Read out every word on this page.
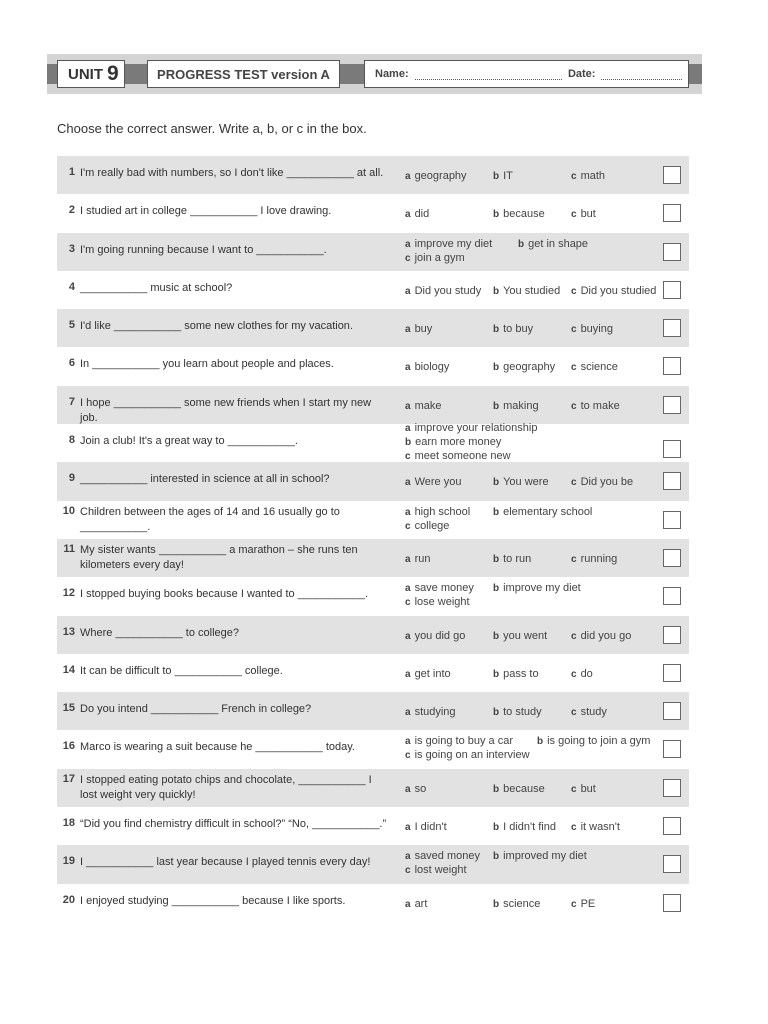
UNIT 9	PROGRESS TEST version A	Name:	Date:
Choose the correct answer. Write a, b, or c in the box.
1 I'm really bad with numbers, so I don't like ___________ at all.	a geography	b IT	c math
2 I studied art in college ___________ I love drawing.	a did	b because	c but
3 I'm going running because I want to ___________.	a improve my diet	b get in shape
c join a gym
4 ___________ music at school?	a Did you study b You studied c Did you studied
5 I'd like ___________ some new clothes for my vacation.	a buy	b to buy	c buying
6 In ___________ you learn about people and places.	a biology	b geography c science
7 I hope ___________ some new friends when I start my new job.
a make	b making	c to make
8 Join a club! It's a great way to ___________.
a improve your relationship
b earn more money
c meet someone new
9 ___________ interested in science at all in school?	a Were you	b You were c Did you be
10 Children between the ages of 14 and 16 usually go to ___________.
a high school b elementary school
c college
11 My sister wants ___________ a marathon – she runs ten kilometers every day!	a run	b to run	c running
12 I stopped buying books because I wanted to ___________.	a save money b improve my diet
c lose weight
13 Where ___________ to college?	a you did go	b you went c did you go
14 It can be difficult to ___________ college.	a get into	b pass to	c do
15 Do you intend ___________ French in college?	a studying	b to study	c study
16 Marco is wearing a suit because he ___________ today.	a is going to buy a car b is going to join a gym
c is going on an interview
17 I stopped eating potato chips and chocolate, ___________ I lost weight very quickly!	a so	b because	c but
18 “Did you find chemistry difficult in school?” “No, ___________.”	a I didn't	b I didn't find c it wasn't
19 I ___________ last year because I played tennis every day!	a saved money b improved my diet
c lost weight
20 I enjoyed studying ___________ because I like sports.	a art	b science	c PE
